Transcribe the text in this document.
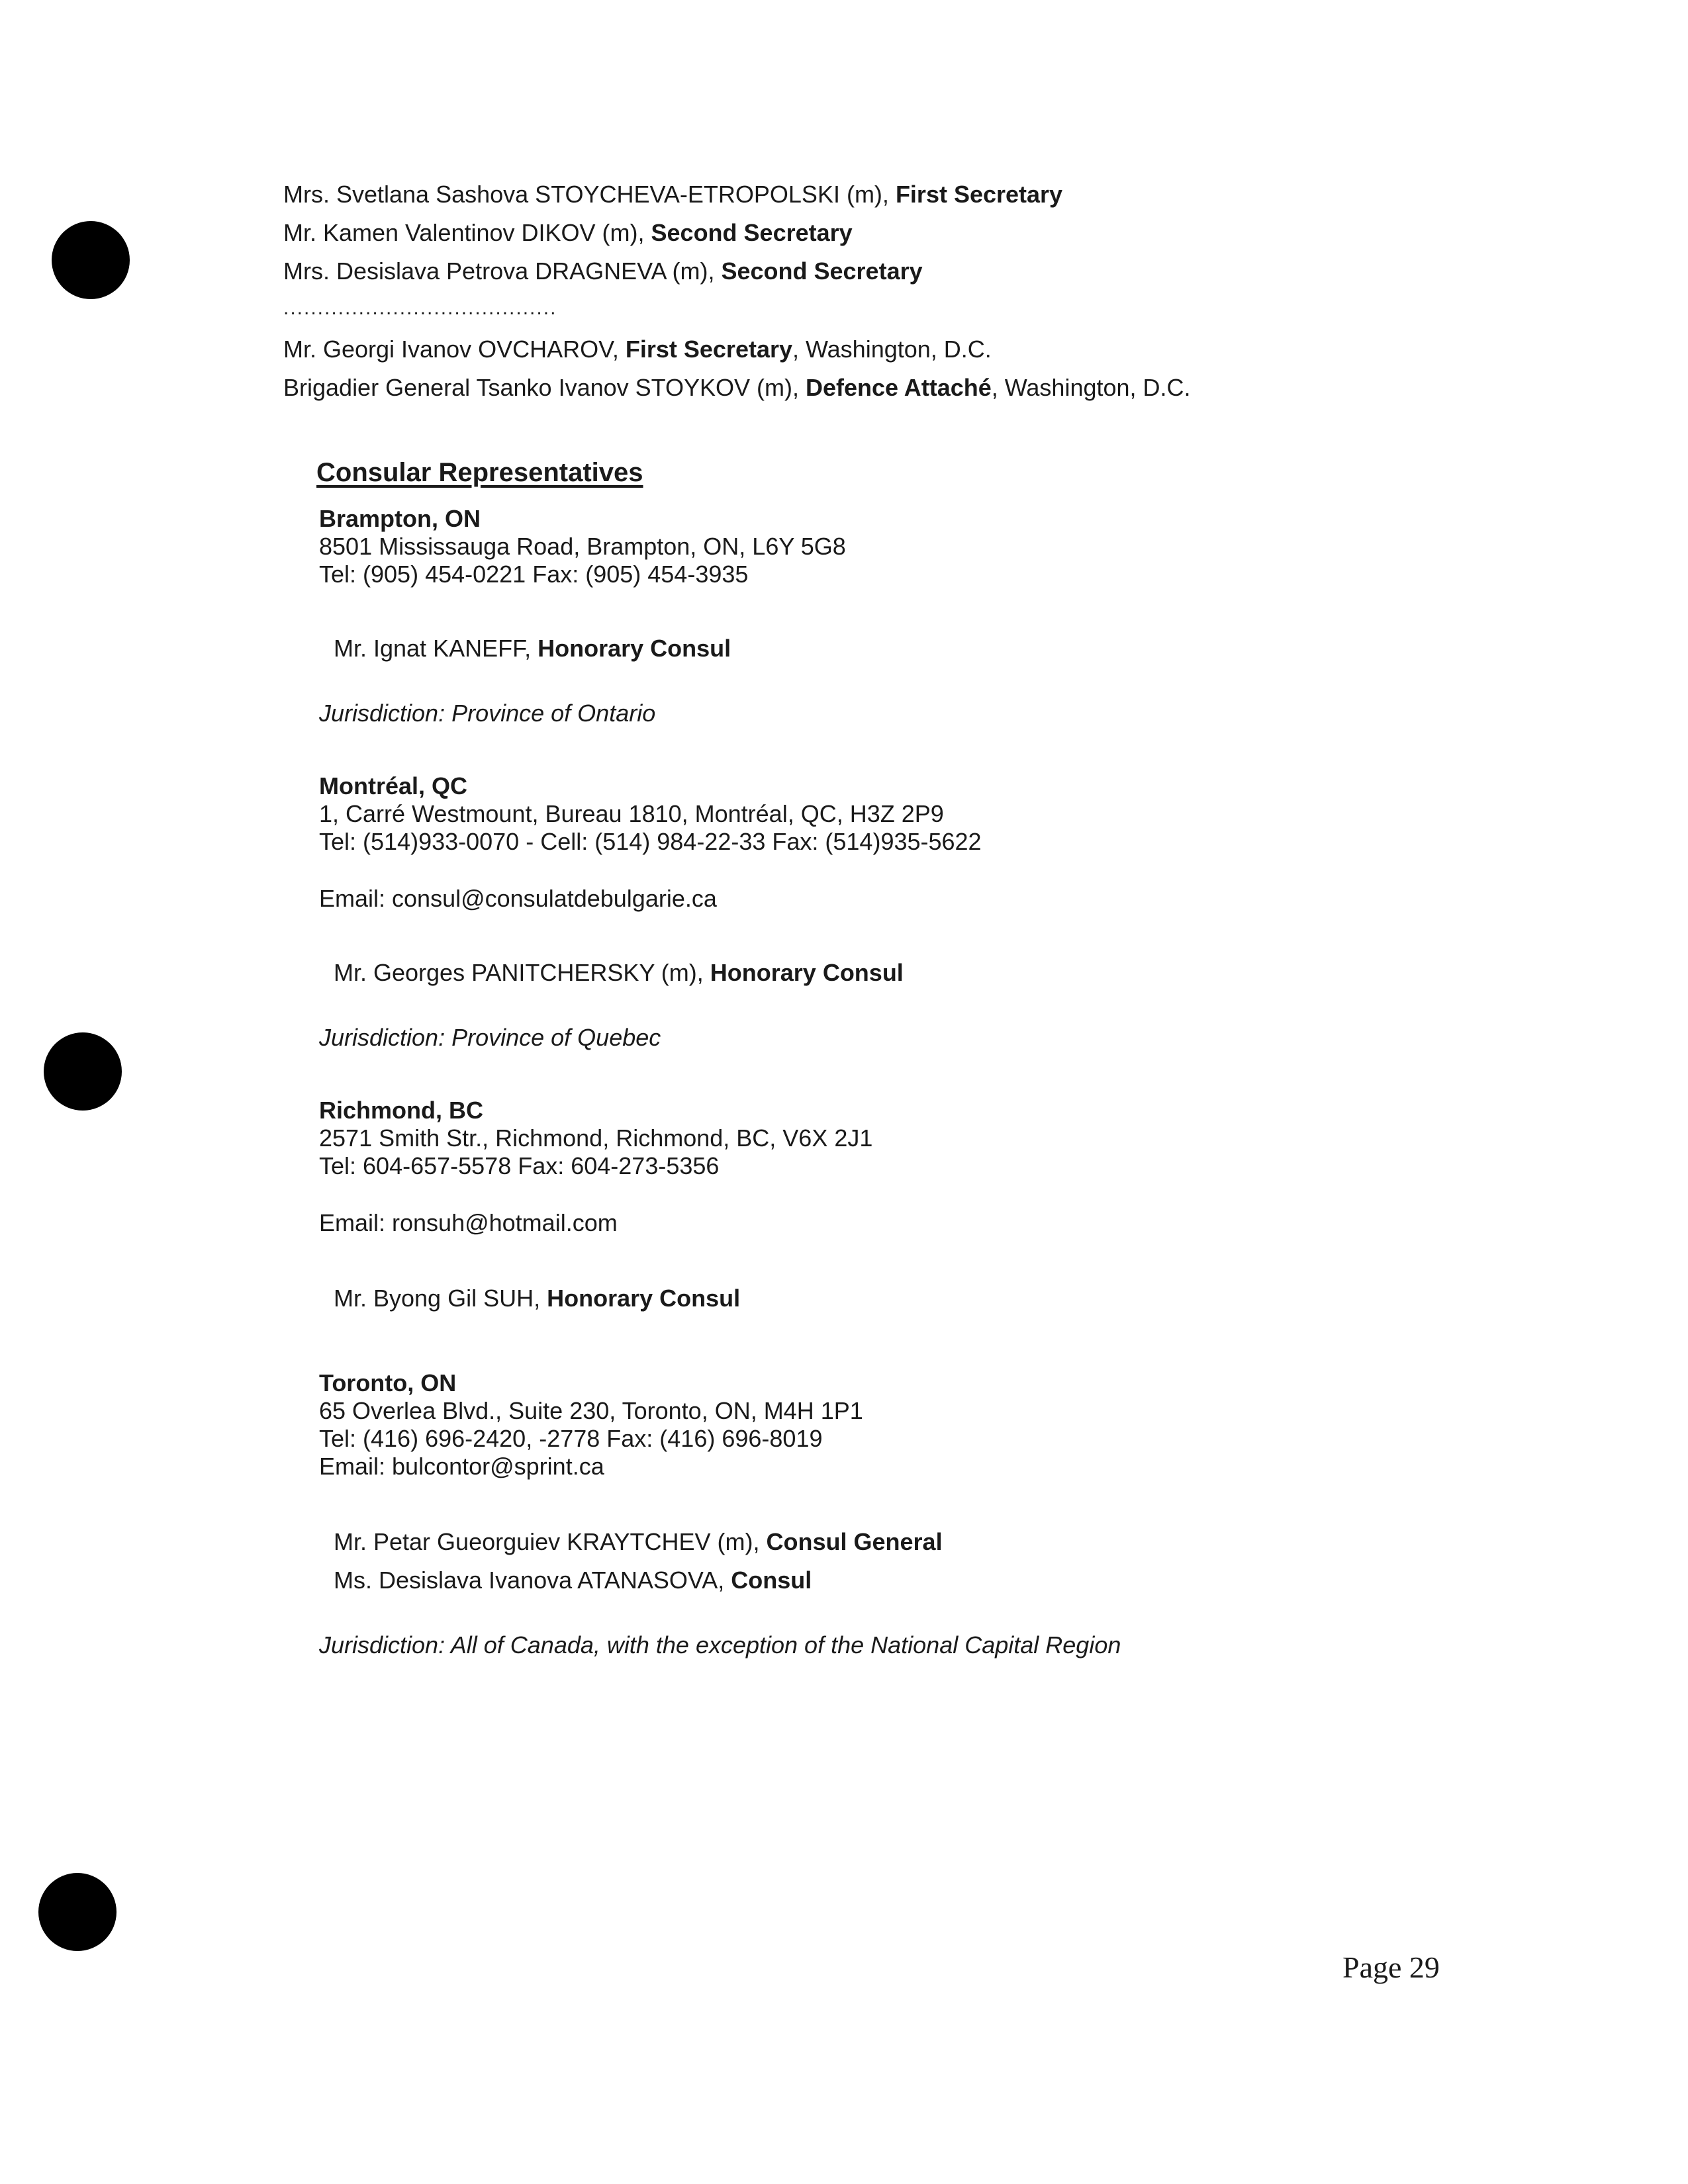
Mrs. Svetlana Sashova STOYCHEVA-ETROPOLSKI (m), First Secretary
Mr. Kamen Valentinov DIKOV (m), Second Secretary
Mrs. Desislava Petrova DRAGNEVA (m), Second Secretary
........................................
Mr. Georgi Ivanov OVCHAROV, First Secretary, Washington, D.C.
Brigadier General Tsanko Ivanov STOYKOV (m), Defence Attaché, Washington, D.C.
Consular Representatives
Brampton, ON
8501 Mississauga Road, Brampton, ON, L6Y 5G8
Tel: (905) 454-0221 Fax: (905) 454-3935
Mr. Ignat KANEFF, Honorary Consul
Jurisdiction: Province of Ontario
Montréal, QC
1, Carré Westmount, Bureau 1810, Montréal, QC, H3Z 2P9
Tel: (514)933-0070 - Cell: (514) 984-22-33 Fax: (514)935-5622
Email: consul@consulatdebulgarie.ca
Mr. Georges PANITCHERSKY (m), Honorary Consul
Jurisdiction: Province of Quebec
Richmond, BC
2571 Smith Str., Richmond, Richmond, BC, V6X 2J1
Tel: 604-657-5578 Fax: 604-273-5356
Email: ronsuh@hotmail.com
Mr. Byong Gil SUH, Honorary Consul
Toronto, ON
65 Overlea Blvd., Suite 230, Toronto, ON, M4H 1P1
Tel: (416) 696-2420, -2778 Fax: (416) 696-8019
Email: bulcontor@sprint.ca
Mr. Petar Gueorguiev KRAYTCHEV (m), Consul General
Ms. Desislava Ivanova ATANASOVA, Consul
Jurisdiction: All of Canada, with the exception of the National Capital Region
Page 29
